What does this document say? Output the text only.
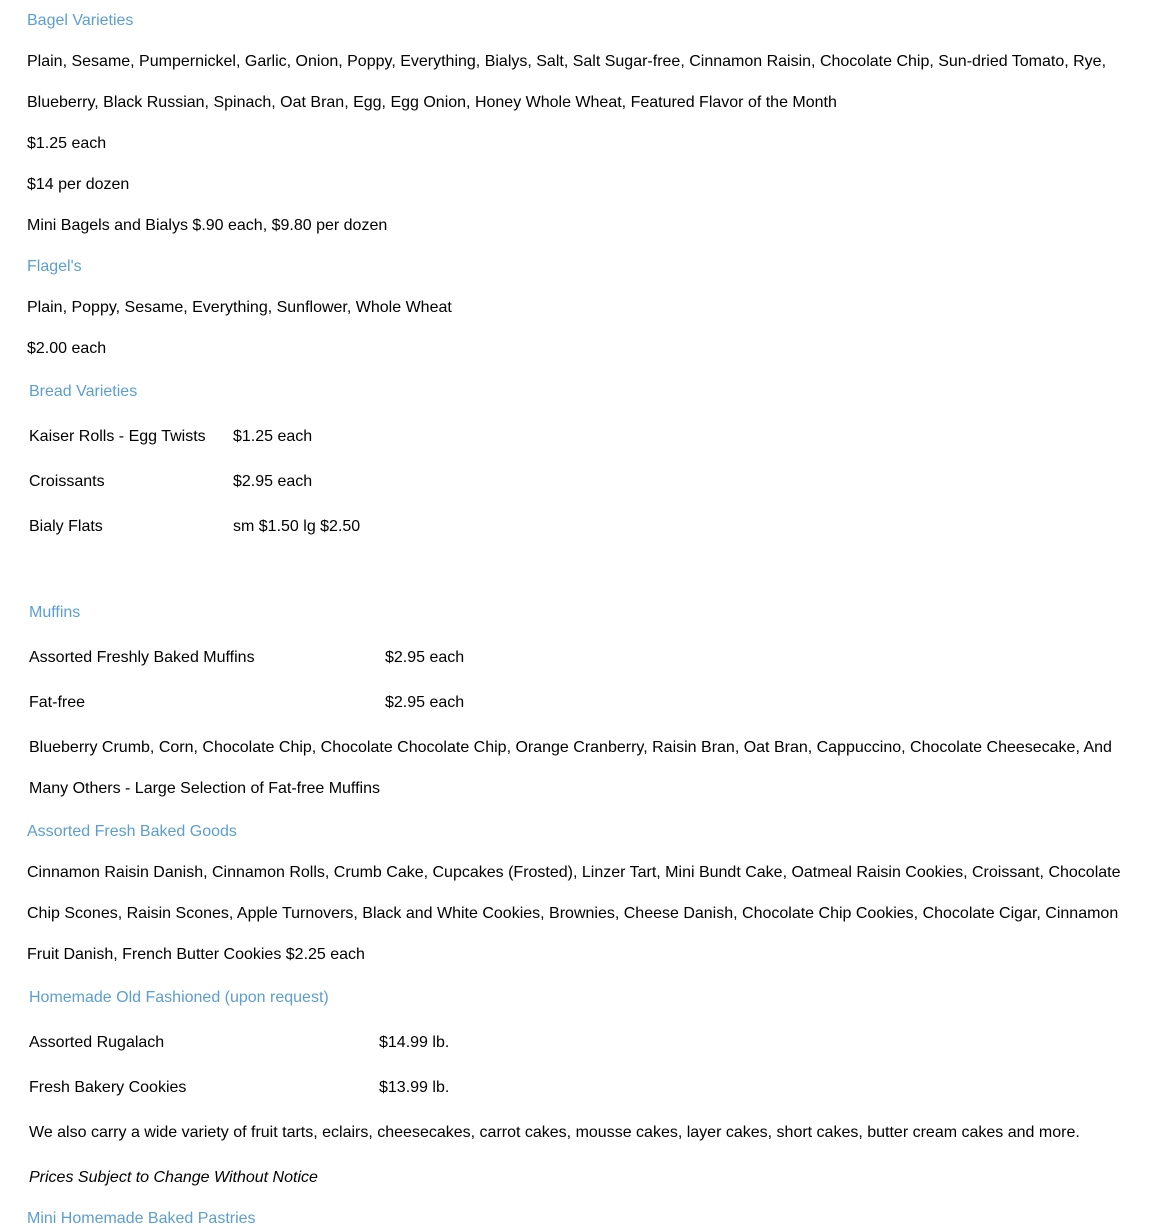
Bagel Varieties

Plain, Sesame, Pumpernickel, Garlic, Onion, Poppy, Everything, Bialys, Salt, Salt Sugar-free, Cinnamon Raisin, Chocolate Chip, Sun-dried Tomato, Rye,

Blueberry, Black Russian, Spinach, Oat Bran, Egg, Egg Onion, Honey Whole Wheat, Featured Flavor of the Month

$1.25 each

$14 per dozen

Mini Bagels and Bialys $.90 each, $9.80 per dozen

Flagel's

Plain, Poppy, Sesame, Everything, Sunflower, Whole Wheat

$2.00 each

Bread Varieties
Kaiser Rolls - Egg Twists $1.25 each
Croissants	$2.95 each
Bialy Flats	sm $1.50 lg $2.50
Muffins
Assorted Freshly Baked Muffins	$2.95 each
Fat-free	$2.95 each

Blueberry Crumb, Corn, Chocolate Chip, Chocolate Chocolate Chip, Orange Cranberry, Raisin Bran, Oat Bran, Cappuccino, Chocolate Cheesecake, And

Many Others - Large Selection of Fat-free Muffins

Assorted Fresh Baked Goods

Cinnamon Raisin Danish, Cinnamon Rolls, Crumb Cake, Cupcakes (Frosted), Linzer Tart, Mini Bundt Cake, Oatmeal Raisin Cookies, Croissant, Chocolate

Chip Scones, Raisin Scones, Apple Turnovers, Black and White Cookies, Brownies, Cheese Danish, Chocolate Chip Cookies, Chocolate Cigar, Cinnamon

Fruit Danish, French Butter Cookies $2.25 each

Homemade Old Fashioned (upon request)
Assorted Rugalach	$14.99 lb.
Fresh Bakery Cookies	$13.99 lb.

We also carry a wide variety of fruit tarts, eclairs, cheesecakes, carrot cakes, mousse cakes, layer cakes, short cakes, butter cream cakes and more.

Prices Subject to Change Without Notice

Mini Homemade Baked Pastries
